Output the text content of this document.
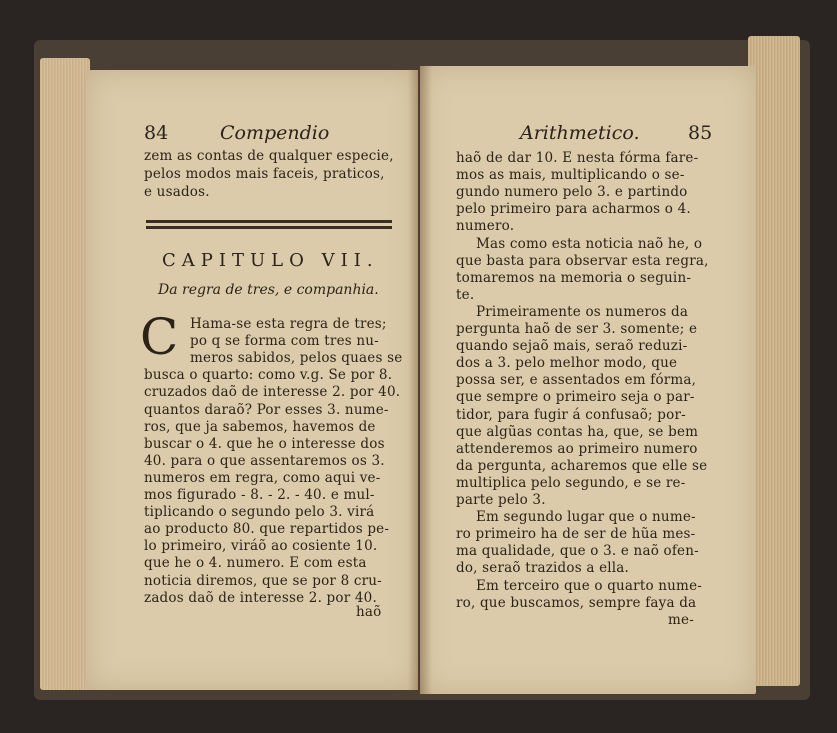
84	Compendio
zem as contas de qualquer especie,
pelos modos mais faceis, praticos,
e usados.
CAPITULO VII.
Da regra de tres, e companhia.
C Hama-se esta regra de tres;
po q se forma com tres nu-
meros sabidos, pelos quaes se
busca o quarto: como v.g. Se por 8.
cruzados daõ de interesse 2. por 40.
quantos daraõ? Por esses 3. nume-
ros, que ja sabemos, havemos de
buscar o 4. que he o interesse dos
40. para o que assentaremos os 3.
numeros em regra, como aqui ve-
mos figurado - 8. - 2. - 40. e mul-
tiplicando o segundo pelo 3. virá
ao producto 80. que repartidos pe-
lo primeiro, viráõ ao cosiente 10.
que he o 4. numero. E com esta
noticia diremos, que se por 8 cru-
zados daõ de interesse 2. por 40.
haõ
Arithmetico.	85
haõ de dar 10. E nesta fórma fare-
mos as mais, multiplicando o se-
gundo numero pelo 3. e partindo
pelo primeiro para acharmos o 4.
numero.
Mas como esta noticia naõ he, o
que basta para observar esta regra,
tomaremos na memoria o seguin-
te.
Primeiramente os numeros da
pergunta haõ de ser 3. somente; e
quando sejaõ mais, seraõ reduzi-
dos a 3. pelo melhor modo, que
possa ser, e assentados em fórma,
que sempre o primeiro seja o par-
tidor, para fugir á confusaõ; por-
que algũas contas ha, que, se bem
attenderemos ao primeiro numero
da pergunta, acharemos que elle se
multiplica pelo segundo, e se re-
parte pelo 3.
Em segundo lugar que o nume-
ro primeiro ha de ser de hũa mes-
ma qualidade, que o 3. e naõ ofen-
do, seraõ trazidos a ella.
Em terceiro que o quarto nume-
ro, que buscamos, sempre faya da
me-
